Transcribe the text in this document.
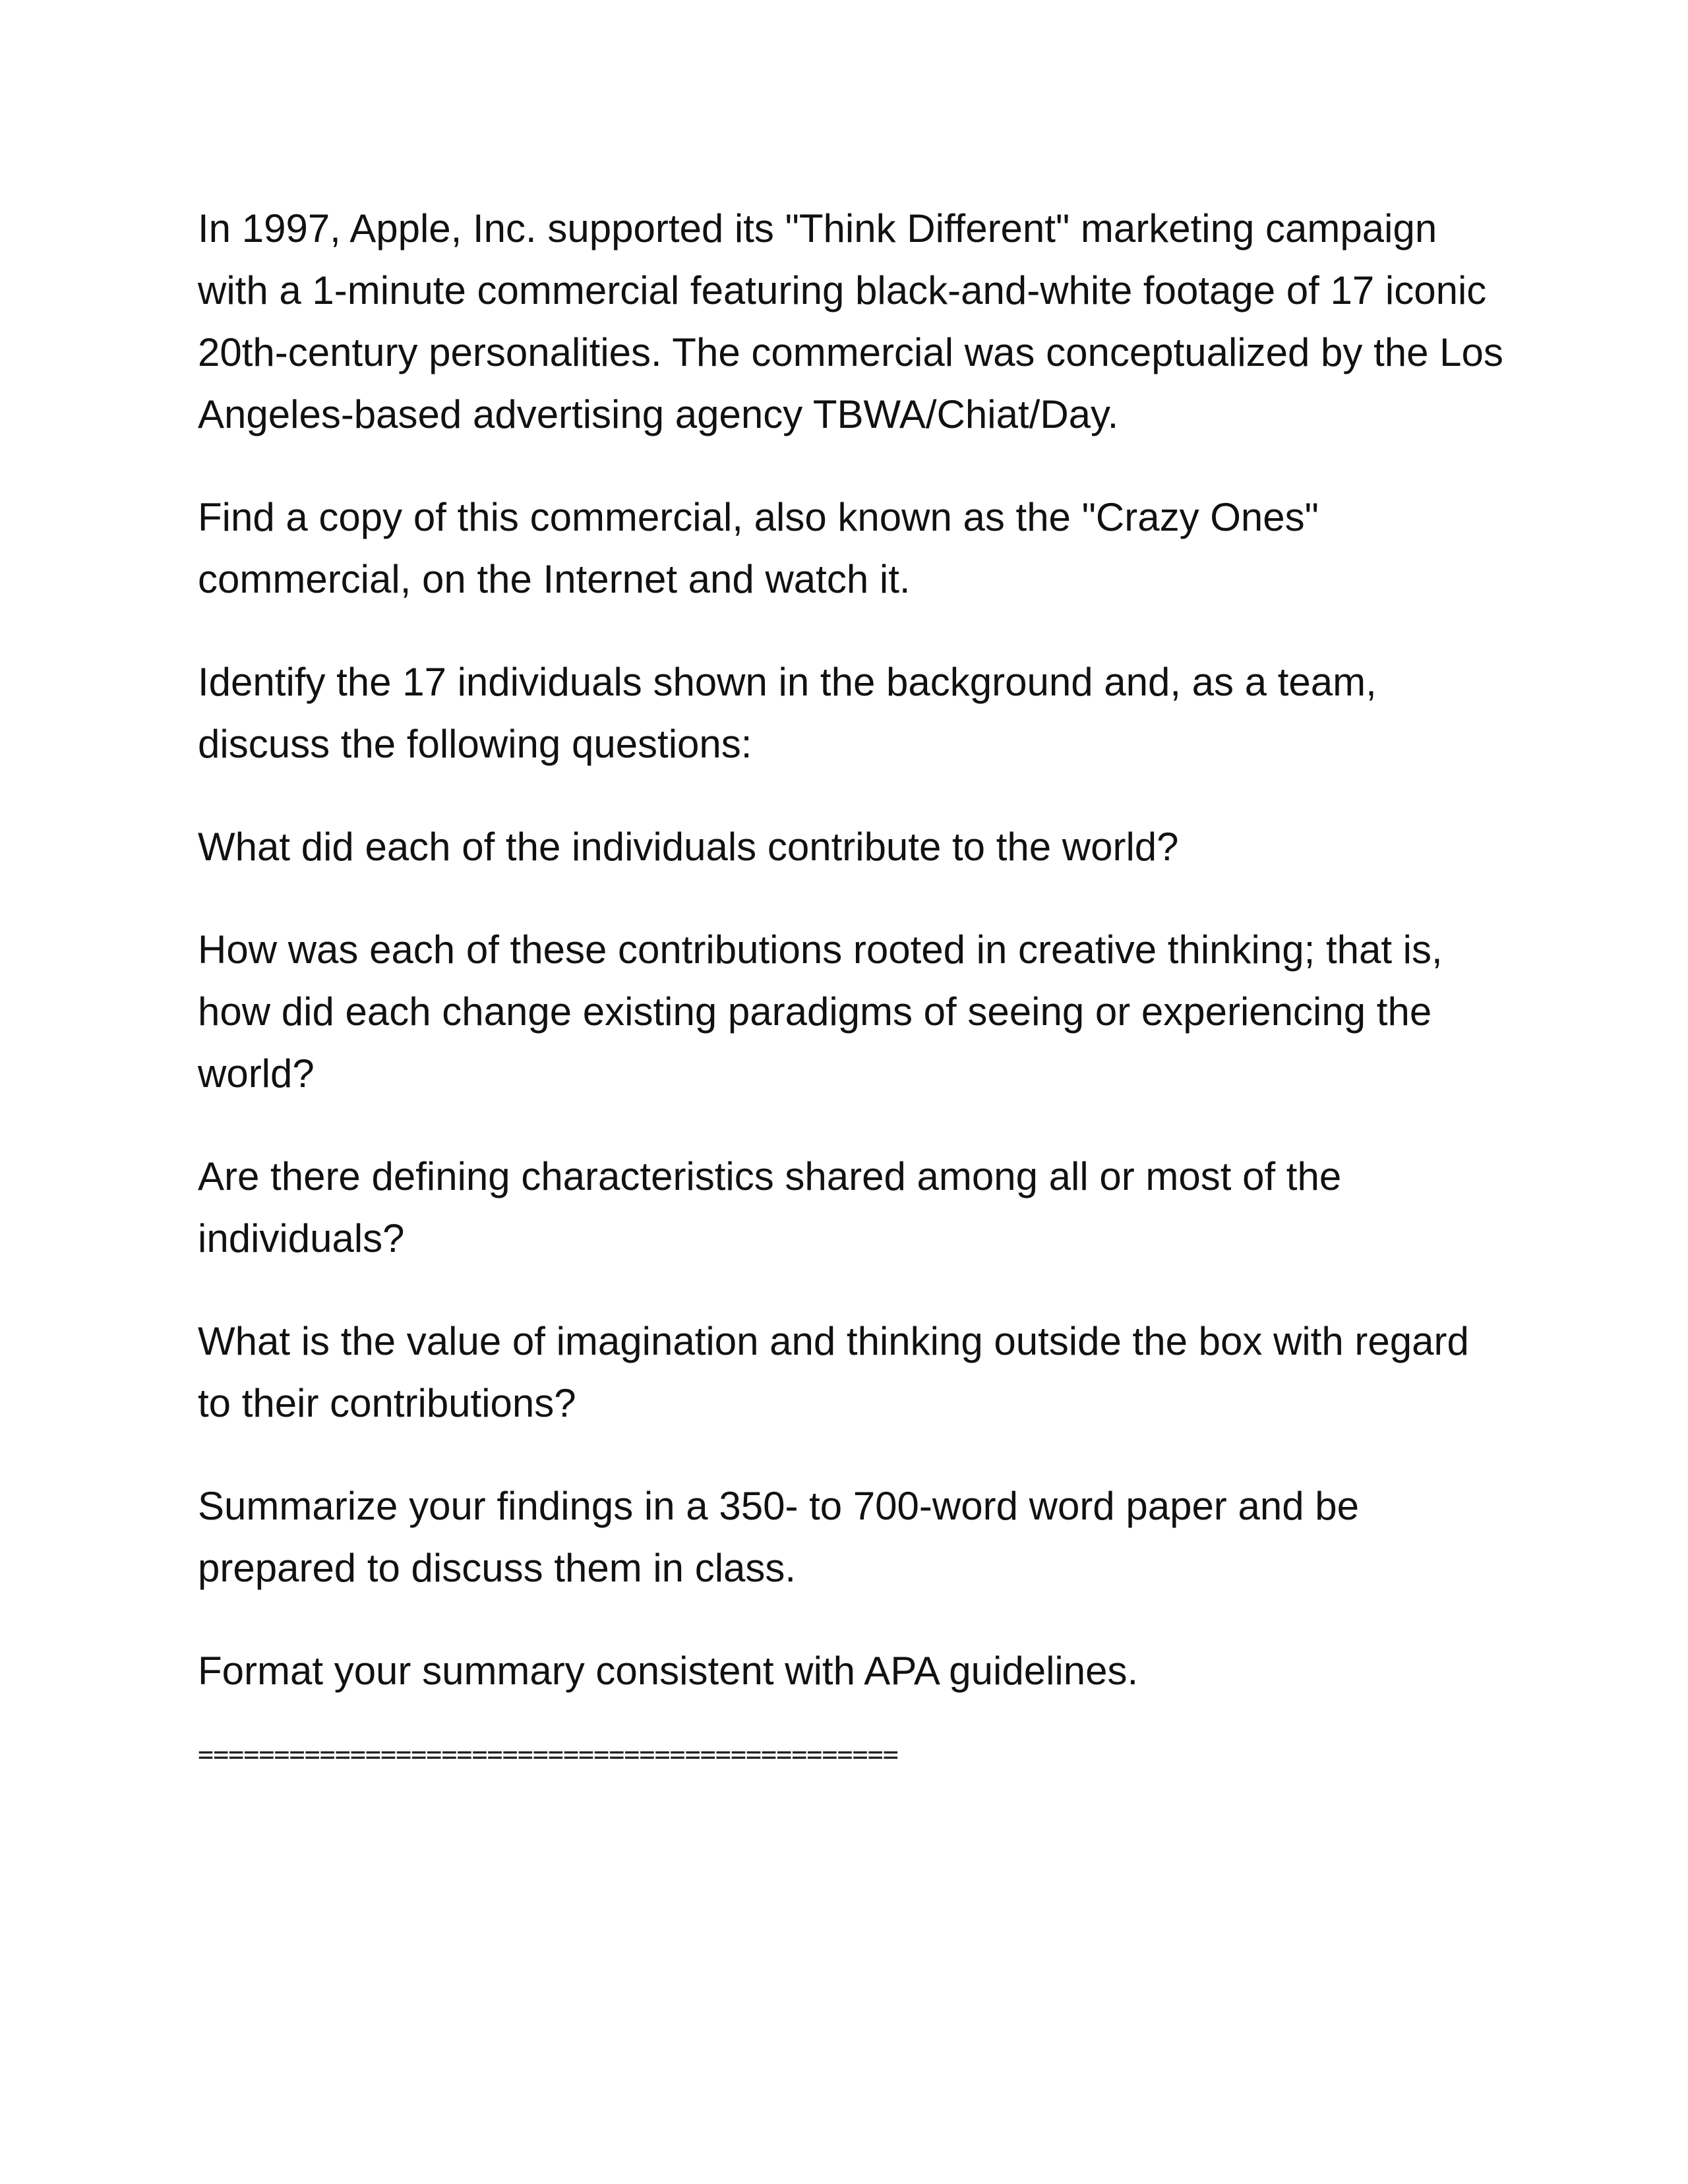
In 1997, Apple, Inc. supported its "Think Different" marketing campaign with a 1-minute commercial featuring black-and-white footage of 17 iconic 20th-century personalities. The commercial was conceptualized by the Los Angeles-based advertising agency TBWA/Chiat/Day.

Find a copy of this commercial, also known as the "Crazy Ones" commercial, on the Internet and watch it.

Identify the 17 individuals shown in the background and, as a team, discuss the following questions:

What did each of the individuals contribute to the world?

How was each of these contributions rooted in creative thinking; that is, how did each change existing paradigms of seeing or experiencing the world?

Are there defining characteristics shared among all or most of the individuals?

What is the value of imagination and thinking outside the box with regard to their contributions?

Summarize your findings in a 350- to 700-word word paper and be prepared to discuss them in class.

Format your summary consistent with APA guidelines.

==============================================
